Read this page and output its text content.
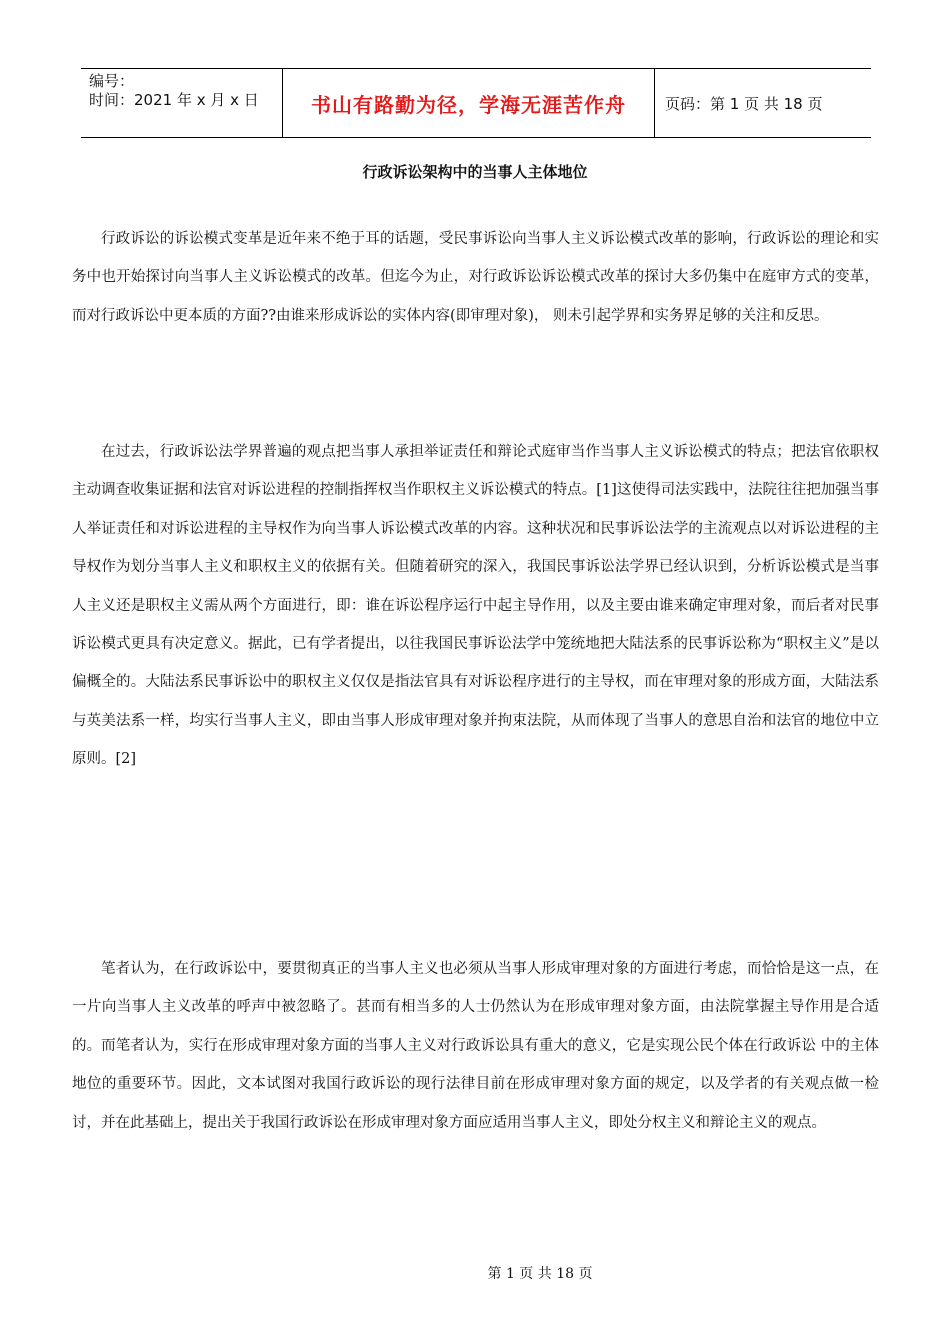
编号：
时间：2021 年 x 月 x 日	书山有路勤为径，学海无涯苦作舟	页码：第 1 页 共 18 页
行政诉讼架构中的当事人主体地位

行政诉讼的诉讼模式变革是近年来不绝于耳的话题，受民事诉讼向当事人主义诉讼模式改革的影响，行政诉讼的理论和实务中也开始探讨向当事人主义诉讼模式的改革。但迄今为止，对行政诉讼诉讼模式改革的探讨大多仍集中在庭审方式的变革，而对行政诉讼中更本质的方面??由谁来形成诉讼的实体内容(即审理对象)， 则未引起学界和实务界足够的关注和反思。

在过去，行政诉讼法学界普遍的观点把当事人承担举证责任和辩论式庭审当作当事人主义诉讼模式的特点；把法官依职权主动调查收集证据和法官对诉讼进程的控制指挥权当作职权主义诉讼模式的特点。[1]这使得司法实践中，法院往往把加强当事人举证责任和对诉讼进程的主导权作为向当事人诉讼模式改革的内容。这种状况和民事诉讼法学的主流观点以对诉讼进程的主导权作为划分当事人主义和职权主义的依据有关。但随着研究的深入，我国民事诉讼法学界已经认识到，分析诉讼模式是当事人主义还是职权主义需从两个方面进行，即：谁在诉讼程序运行中起主导作用，以及主要由谁来确定审理对象，而后者对民事诉讼模式更具有决定意义。据此，已有学者提出，以往我国民事诉讼法学中笼统地把大陆法系的民事诉讼称为“职权主义”是以偏概全的。大陆法系民事诉讼中的职权主义仅仅是指法官具有对诉讼程序进行的主导权，而在审理对象的形成方面，大陆法系与英美法系一样，均实行当事人主义，即由当事人形成审理对象并拘束法院，从而体现了当事人的意思自治和法官的地位中立原则。[2]

笔者认为，在行政诉讼中，要贯彻真正的当事人主义也必须从当事人形成审理对象的方面进行考虑，而恰恰是这一点，在一片向当事人主义改革的呼声中被忽略了。甚而有相当多的人士仍然认为在形成审理对象方面，由法院掌握主导作用是合适的。而笔者认为，实行在形成审理对象方面的当事人主义对行政诉讼具有重大的意义，它是实现公民个体在行政诉讼 中的主体地位的重要环节。因此，文本试图对我国行政诉讼的现行法律目前在形成审理对象方面的规定，以及学者的有关观点做一检讨，并在此基础上，提出关于我国行政诉讼在形成审理对象方面应适用当事人主义，即处分权主义和辩论主义的观点。

第 1 页 共 18 页
